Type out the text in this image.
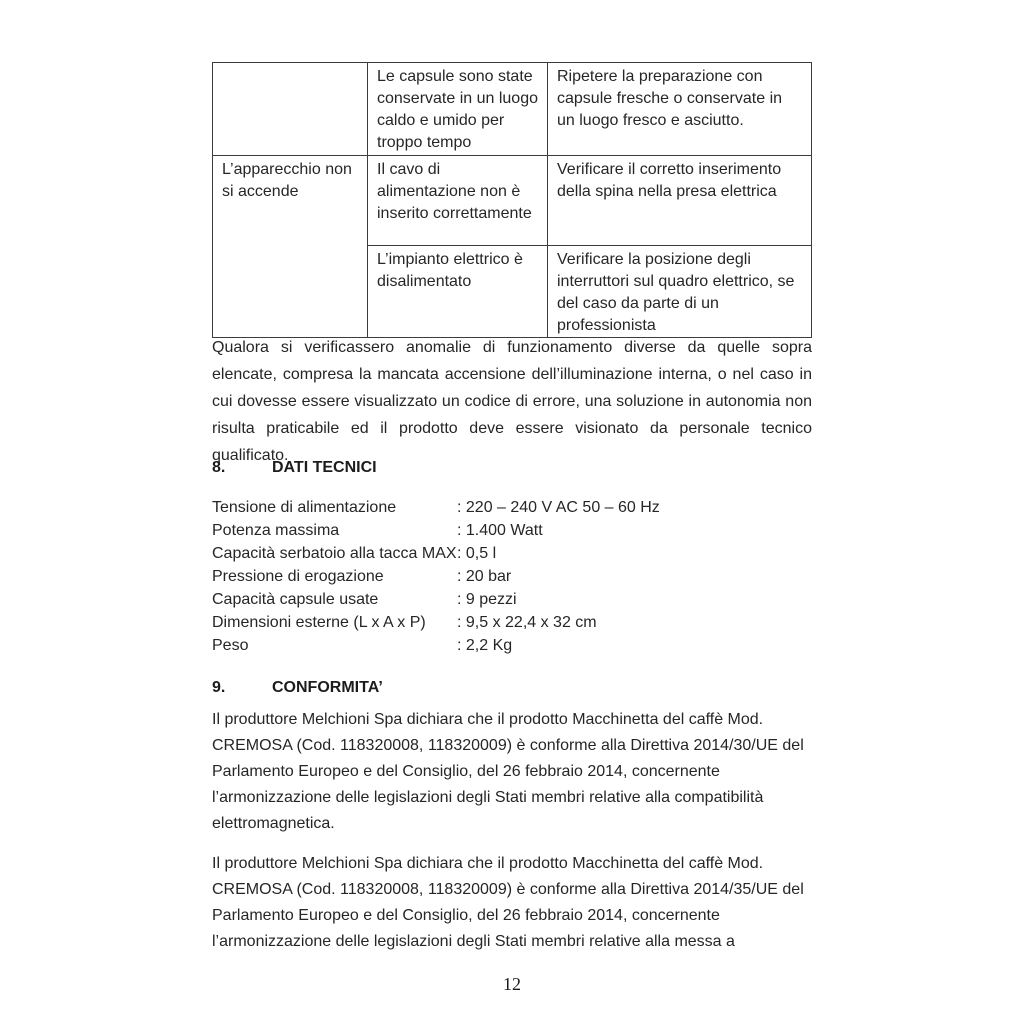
	Le capsule sono state conservate in un luogo caldo e umido per troppo tempo	Ripetere la preparazione con capsule fresche o conservate in un luogo fresco e asciutto.
L’apparecchio non si accende	Il cavo di alimentazione non è inserito correttamente	Verificare il corretto inserimento della spina nella presa elettrica
	L’impianto elettrico è disalimentato	Verificare la posizione degli interruttori sul quadro elettrico, se del caso da parte di un professionista

Qualora si verificassero anomalie di funzionamento diverse da quelle sopra elencate, compresa la mancata accensione dell’illuminazione interna, o nel caso in cui dovesse essere visualizzato un codice di errore, una soluzione in autonomia non risulta praticabile ed il prodotto deve essere visionato da personale tecnico qualificato.

8.	DATI TECNICI
Tensione di alimentazione	: 220 – 240 V AC 50 – 60 Hz
Potenza massima	: 1.400 Watt
Capacità serbatoio alla tacca MAX : 0,5 l
Pressione di erogazione	: 20 bar
Capacità capsule usate	: 9 pezzi
Dimensioni esterne (L x A x P)	: 9,5 x 22,4 x 32 cm
Peso	: 2,2 Kg
9.	CONFORMITA’

Il produttore Melchioni Spa dichiara che il prodotto Macchinetta del caffè Mod. CREMOSA (Cod. 118320008, 118320009) è conforme alla Direttiva 2014/30/UE del Parlamento Europeo e del Consiglio, del 26 febbraio 2014, concernente l’armonizzazione delle legislazioni degli Stati membri relative alla compatibilità elettromagnetica.

Il produttore Melchioni Spa dichiara che il prodotto Macchinetta del caffè Mod. CREMOSA (Cod. 118320008, 118320009) è conforme alla Direttiva 2014/35/UE del Parlamento Europeo e del Consiglio, del 26 febbraio 2014, concernente l’armonizzazione delle legislazioni degli Stati membri relative alla messa a

12
